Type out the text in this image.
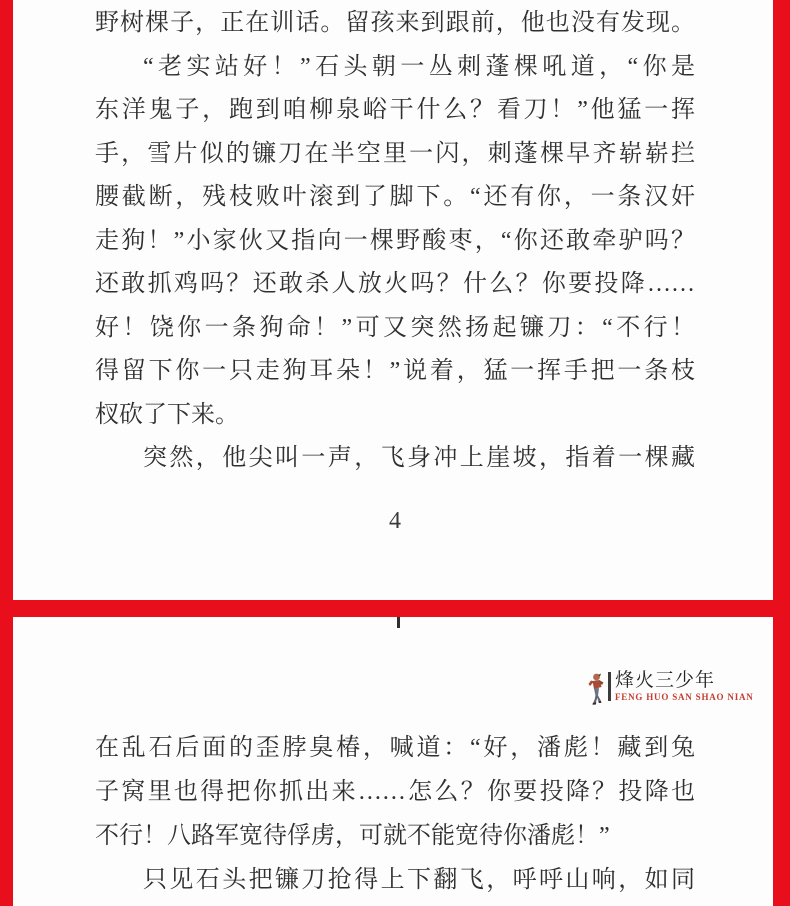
野树棵子，正在训话。留孩来到跟前，他也没有发现。
“老实站好！”石头朝一丛刺蓬棵吼道，“你是
东洋鬼子，跑到咱柳泉峪干什么？看刀！”他猛一挥
手，雪片似的镰刀在半空里一闪，刺蓬棵早齐崭崭拦
腰截断，残枝败叶滚到了脚下。“还有你，一条汉奸
走狗！”小家伙又指向一棵野酸枣，“你还敢牵驴吗？
还敢抓鸡吗？还敢杀人放火吗？什么？你要投降……
好！饶你一条狗命！”可又突然扬起镰刀：“不行！
得留下你一只走狗耳朵！”说着，猛一挥手把一条枝
杈砍了下来。
突然，他尖叫一声，飞身冲上崖坡，指着一棵藏
4
烽火三少年
FENG HUO SAN SHAO NIAN
在乱石后面的歪脖臭椿，喊道：“好，潘彪！藏到兔
子窝里也得把你抓出来……怎么？你要投降？投降也
不行！八路军宽待俘虏，可就不能宽待你潘彪！”
只见石头把镰刀抢得上下翻飞，呼呼山响，如同
